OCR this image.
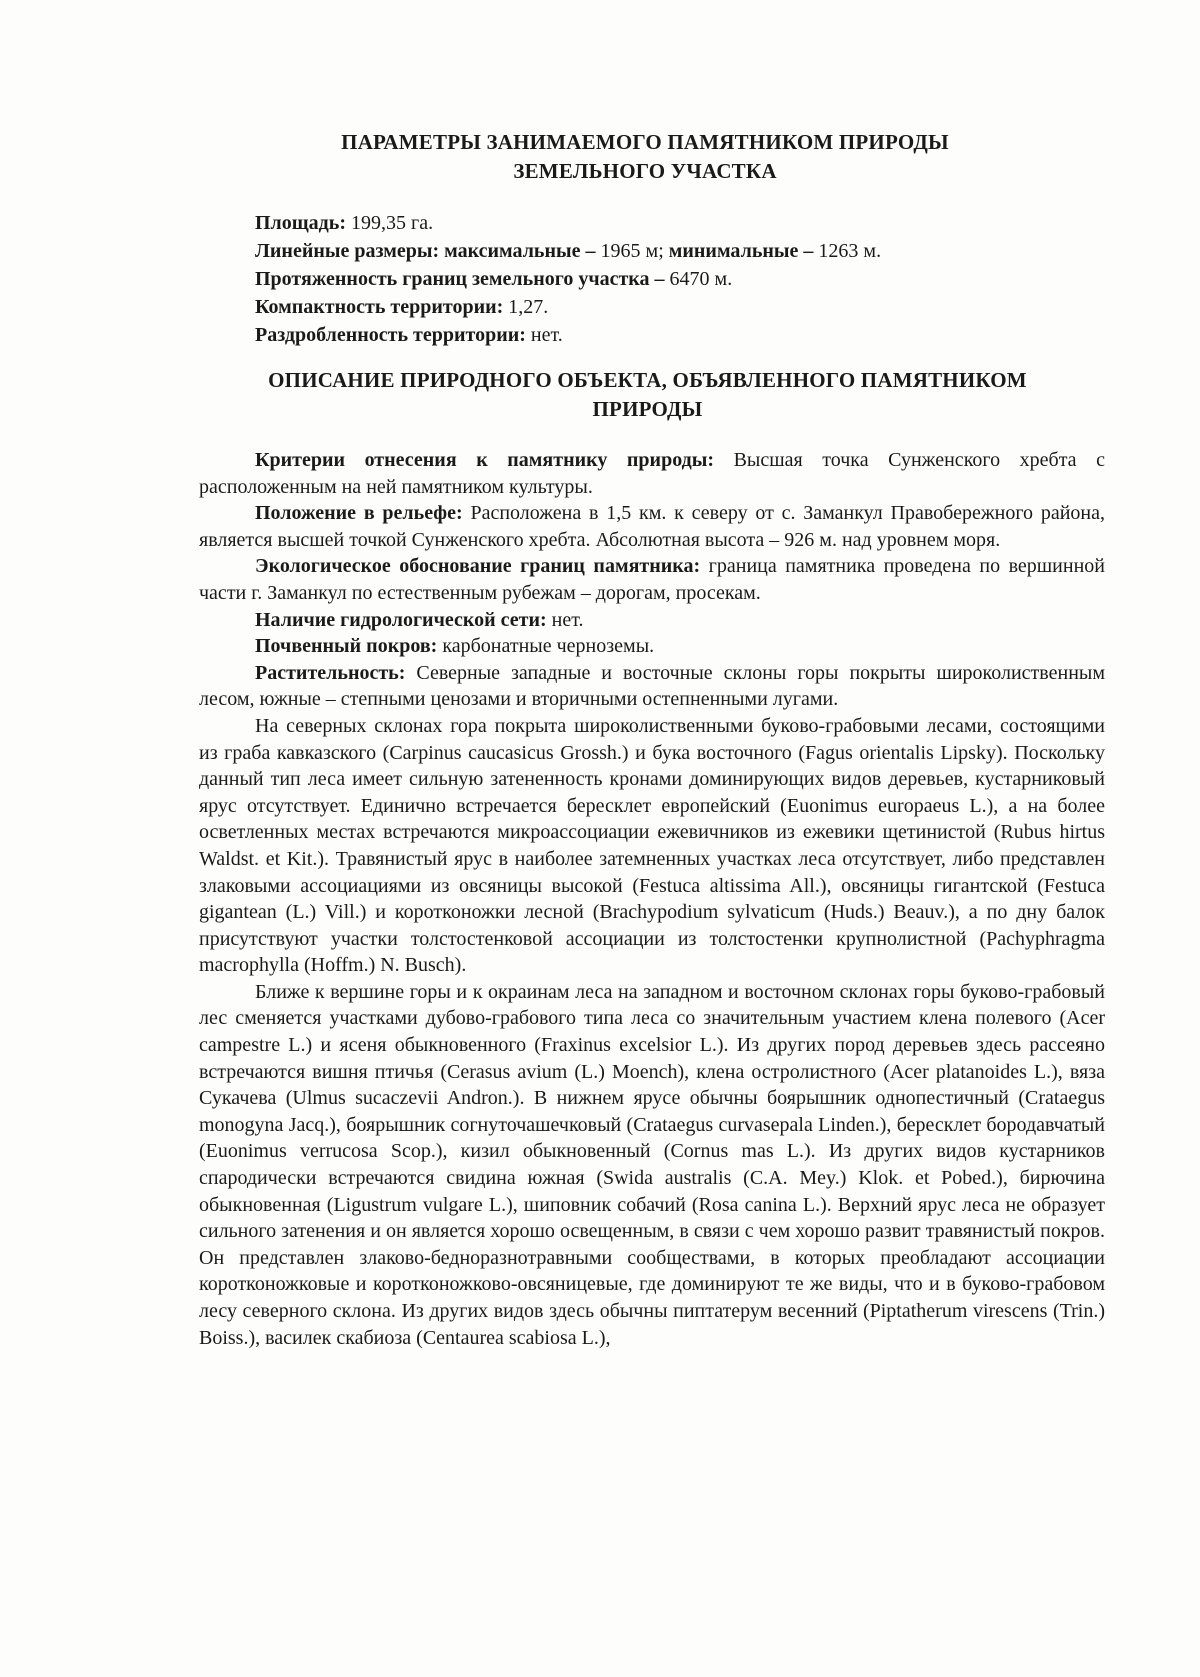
ПАРАМЕТРЫ ЗАНИМАЕМОГО ПАМЯТНИКОМ ПРИРОДЫ
ЗЕМЕЛЬНОГО УЧАСТКА
Площадь: 199,35 га.
Линейные размеры: максимальные – 1965 м; минимальные – 1263 м.
Протяженность границ земельного участка – 6470 м.
Компактность территории: 1,27.
Раздробленность территории: нет.
ОПИСАНИЕ ПРИРОДНОГО ОБЪЕКТА, ОБЪЯВЛЕННОГО ПАМЯТНИКОМ
ПРИРОДЫ

Критерии отнесения к памятнику природы: Высшая точка Сунженского хребта с расположенным на ней памятником культуры.

Положение в рельефе: Расположена в 1,5 км. к северу от с. Заманкул Правобережного района, является высшей точкой Сунженского хребта. Абсолютная высота – 926 м. над уровнем моря.

Экологическое обоснование границ памятника: граница памятника проведена по вершинной части г. Заманкул по естественным рубежам – дорогам, просекам.

Наличие гидрологической сети: нет.

Почвенный покров: карбонатные черноземы.

Растительность: Северные западные и восточные склоны горы покрыты широколиственным лесом, южные – степными ценозами и вторичными остепненными лугами.

На северных склонах гора покрыта широколиственными буково-грабовыми лесами, состоящими из граба кавказского (Carpinus caucasicus Grossh.) и бука восточного (Fagus orientalis Lipsky). Поскольку данный тип леса имеет сильную затененность кронами доминирующих видов деревьев, кустарниковый ярус отсутствует. Единично встречается бересклет европейский (Euonimus europaeus L.), а на более осветленных местах встречаются микроассоциации ежевичников из ежевики щетинистой (Rubus hirtus Waldst. et Kit.). Травянистый ярус в наиболее затемненных участках леса отсутствует, либо представлен злаковыми ассоциациями из овсяницы высокой (Festuca altissima All.), овсяницы гигантской (Festuca gigantean (L.) Vill.) и коротконожки лесной (Brachypodium sylvaticum (Huds.) Beauv.), а по дну балок присутствуют участки толстостенковой ассоциации из толстостенки крупнолистной (Pachyphragma macrophylla (Hoffm.) N. Busch).

Ближе к вершине горы и к окраинам леса на западном и восточном склонах горы буково-грабовый лес сменяется участками дубово-грабового типа леса со значительным участием клена полевого (Acer campestre L.) и ясеня обыкновенного (Fraxinus excelsior L.). Из других пород деревьев здесь рассеяно встречаются вишня птичья (Cerasus avium (L.) Moench), клена остролистного (Acer platanoides L.), вяза Сукачева (Ulmus sucaczevii Andron.). В нижнем ярусе обычны боярышник однопестичный (Crataegus monogyna Jacq.), боярышник согнуточашечковый (Crataegus curvasepala Linden.), бересклет бородавчатый (Euonimus verrucosa Scop.), кизил обыкновенный (Cornus mas L.). Из других видов кустарников спародически встречаются свидина южная (Swida australis (C.A. Mey.) Klok. et Pobed.), бирючина обыкновенная (Ligustrum vulgare L.), шиповник собачий (Rosa canina L.). Верхний ярус леса не образует сильного затенения и он является хорошо освещенным, в связи с чем хорошо развит травянистый покров. Он представлен злаково-беднoразнотравными сообществами, в которых преобладают ассоциации коротконожковые и коротконожково-овсяницевые, где доминируют те же виды, что и в буково-грабовом лесу северного склона. Из других видов здесь обычны пиптатерум весенний (Piptatherum virescens (Trin.) Boiss.), василек скабиоза (Centaurea scabiosa L.),
